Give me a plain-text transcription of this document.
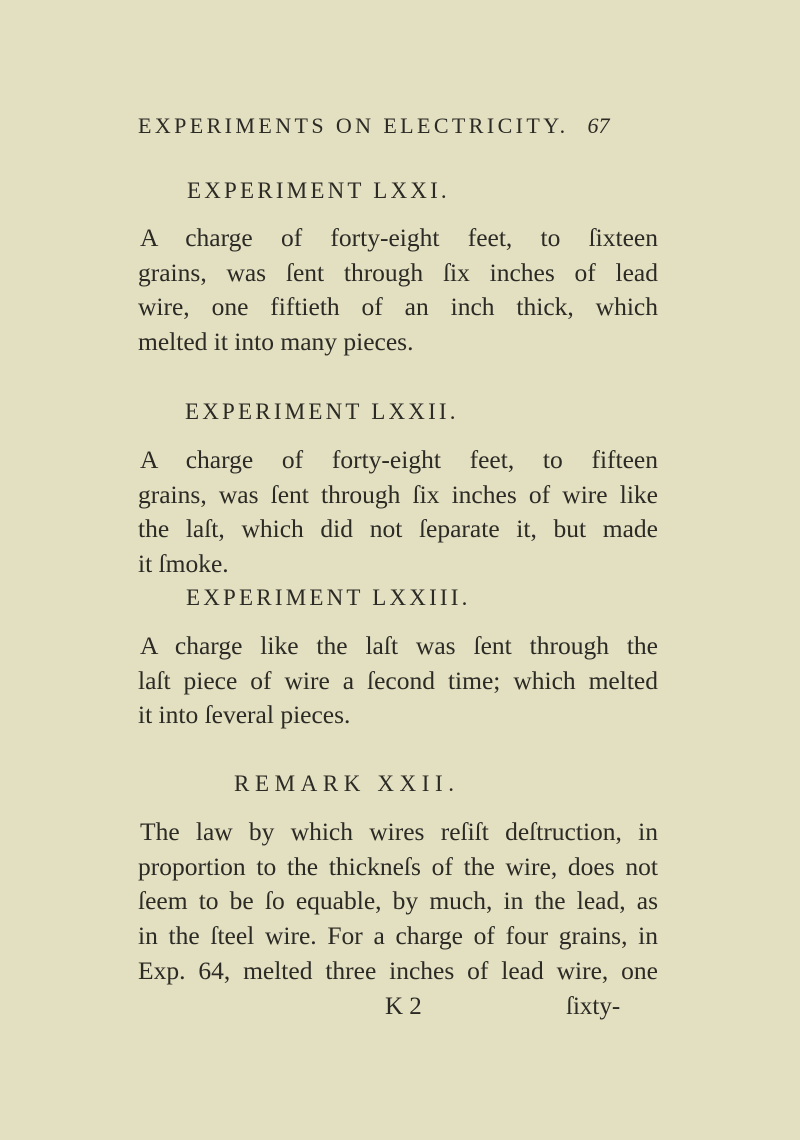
EXPERIMENTS ON ELECTRICITY. 67
EXPERIMENT LXXI.
A charge of forty-eight feet, to ſixteen
grains, was ſent through ſix inches of lead
wire, one fiftieth of an inch thick, which
melted it into many pieces.
EXPERIMENT LXXII.
A charge of forty-eight feet, to fifteen
grains, was ſent through ſix inches of wire like
the laſt, which did not ſeparate it, but made
it ſmoke.
EXPERIMENT LXXIII.
A charge like the laſt was ſent through the
laſt piece of wire a ſecond time; which melted
it into ſeveral pieces.
REMARK XXII.
The law by which wires reſiſt deſtruction, in
proportion to the thickneſs of the wire, does not
ſeem to be ſo equable, by much, in the lead, as
in the ſteel wire. For a charge of four grains, in
Exp. 64, melted three inches of lead wire, one
K 2	ſixty-
